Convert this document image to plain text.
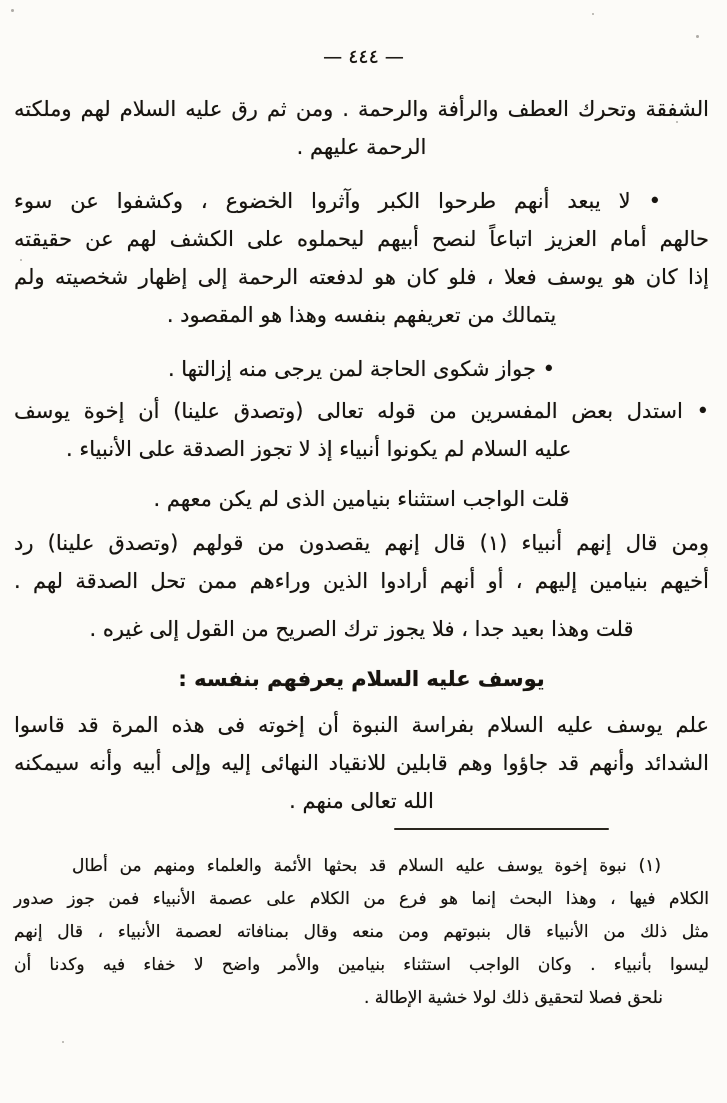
— ٤٤٤ —

الشفقة وتحرك العطف والرأفة والرحمة . ومن ثم رق عليه السلام لهم وملكته
الرحمة عليهم .

• لا يبعد أنهم طرحوا الكبر وآثروا الخضوع ، وكشفوا عن سوء
حالهم أمام العزيز اتباعاً لنصح أبيهم ليحملوه على الكشف لهم عن حقيقته
إذا كان هو يوسف فعلا ، فلو كان هو لدفعته الرحمة إلى إظهار شخصيته ولم
يتمالك من تعريفهم بنفسه وهذا هو المقصود .

• جواز شكوى الحاجة لمن يرجى منه إزالتها .

• استدل بعض المفسرين من قوله تعالى (وتصدق علينا) أن إخوة يوسف
عليه السلام لم يكونوا أنبياء إذ لا تجوز الصدقة على الأنبياء .

قلت الواجب استثناء بنيامين الذى لم يكن معهم .

ومن قال إنهم أنبياء (١) قال إنهم يقصدون من قولهم (وتصدق علينا) رد
أخيهم بنيامين إليهم ، أو أنهم أرادوا الذين وراءهم ممن تحل الصدقة لهم .

قلت وهذا بعيد جدا ، فلا يجوز ترك الصريح من القول إلى غيره .

يوسف عليه السلام يعرفهم بنفسه :

علم يوسف عليه السلام بفراسة النبوة أن إخوته فى هذه المرة قد قاسوا
الشدائد وأنهم قد جاؤوا وهم قابلين للانقياد النهائى إليه وإلى أبيه وأنه سيمكنه
الله تعالى منهم .

(١) نبوة إخوة يوسف عليه السلام قد بحثها الأئمة والعلماء ومنهم من أطال
الكلام فيها ، وهذا البحث إنما هو فرع من الكلام على عصمة الأنبياء فمن جوز صدور
مثل ذلك من الأنبياء قال بنبوتهم ومن منعه وقال بمنافاته لعصمة الأنبياء ، قال إنهم
ليسوا بأنبياء . وكان الواجب استثناء بنيامين والأمر واضح لا خفاء فيه وكدنا أن
نلحق فصلا لتحقيق ذلك لولا خشية الإطالة .
